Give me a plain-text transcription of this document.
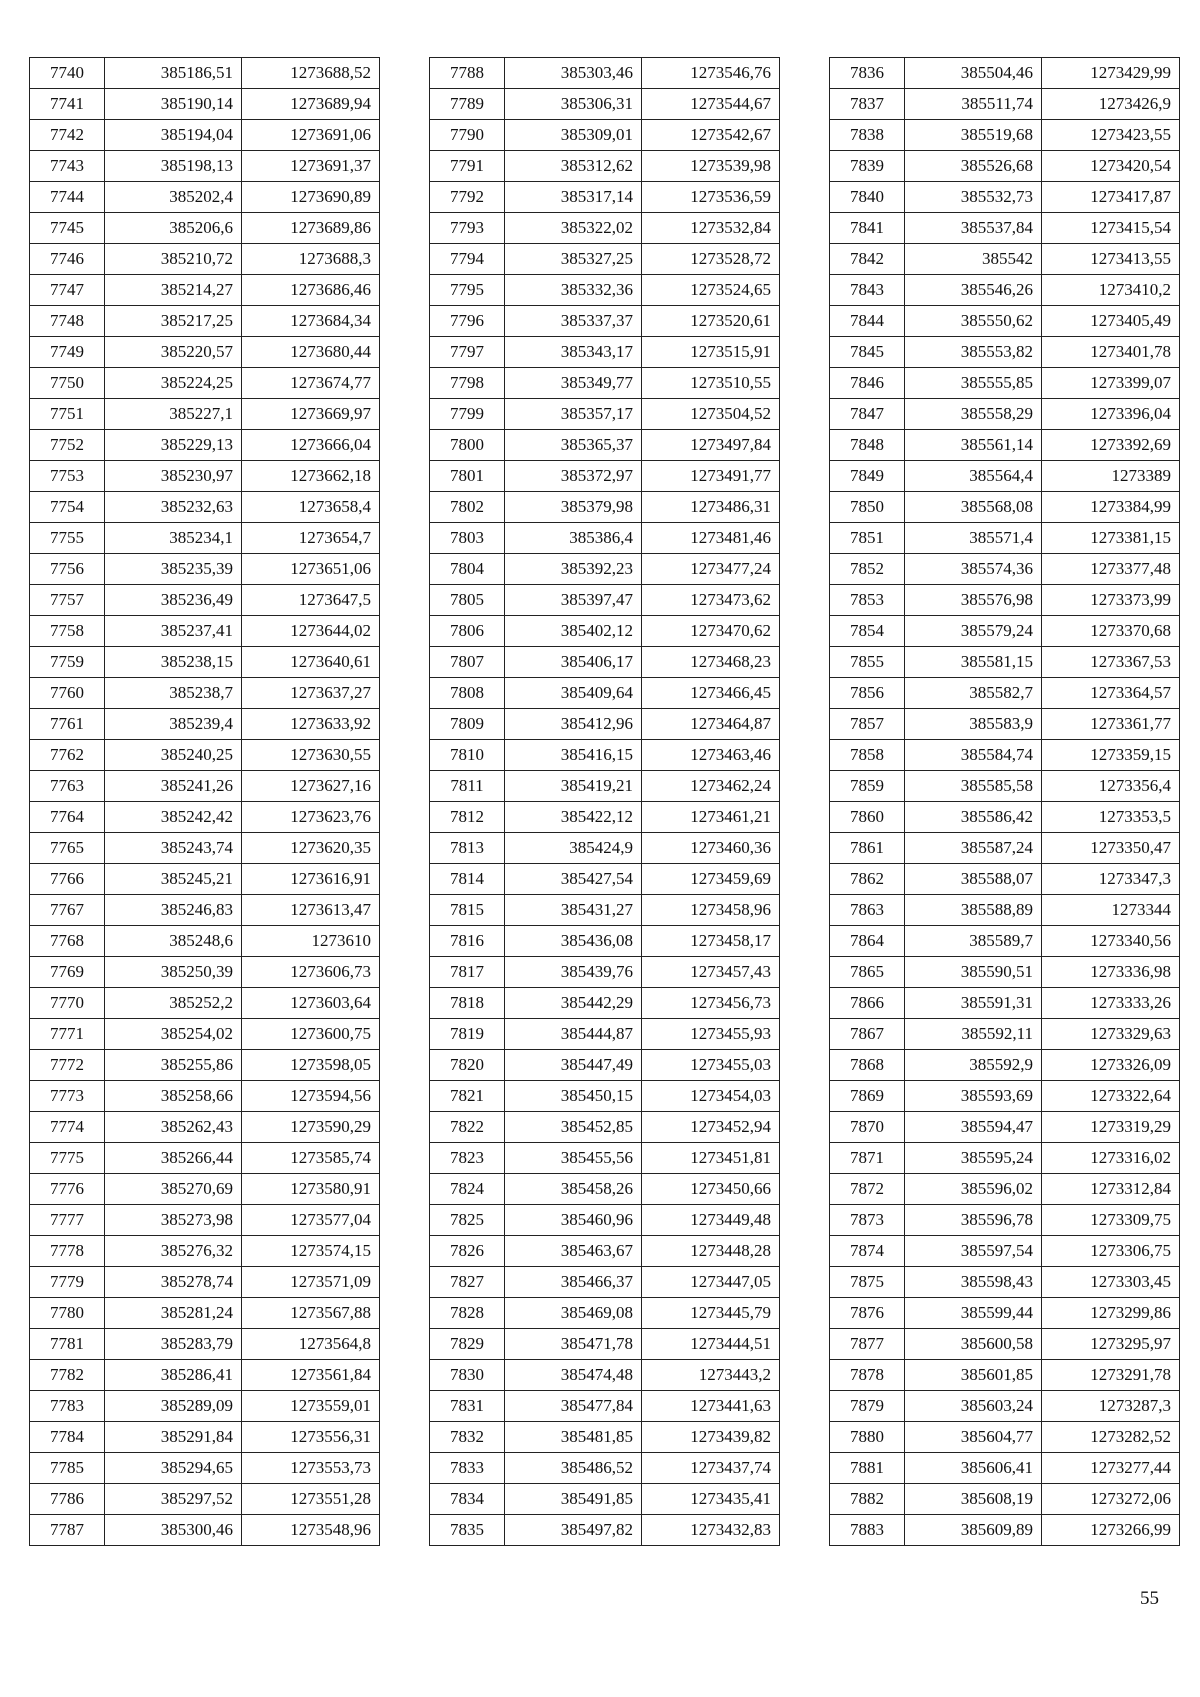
7740	385186,51	1273688,52
7741	385190,14	1273689,94
7742	385194,04	1273691,06
7743	385198,13	1273691,37
7744	385202,4	1273690,89
7745	385206,6	1273689,86
7746	385210,72	1273688,3
7747	385214,27	1273686,46
7748	385217,25	1273684,34
7749	385220,57	1273680,44
7750	385224,25	1273674,77
7751	385227,1	1273669,97
7752	385229,13	1273666,04
7753	385230,97	1273662,18
7754	385232,63	1273658,4
7755	385234,1	1273654,7
7756	385235,39	1273651,06
7757	385236,49	1273647,5
7758	385237,41	1273644,02
7759	385238,15	1273640,61
7760	385238,7	1273637,27
7761	385239,4	1273633,92
7762	385240,25	1273630,55
7763	385241,26	1273627,16
7764	385242,42	1273623,76
7765	385243,74	1273620,35
7766	385245,21	1273616,91
7767	385246,83	1273613,47
7768	385248,6	1273610
7769	385250,39	1273606,73
7770	385252,2	1273603,64
7771	385254,02	1273600,75
7772	385255,86	1273598,05
7773	385258,66	1273594,56
7774	385262,43	1273590,29
7775	385266,44	1273585,74
7776	385270,69	1273580,91
7777	385273,98	1273577,04
7778	385276,32	1273574,15
7779	385278,74	1273571,09
7780	385281,24	1273567,88
7781	385283,79	1273564,8
7782	385286,41	1273561,84
7783	385289,09	1273559,01
7784	385291,84	1273556,31
7785	385294,65	1273553,73
7786	385297,52	1273551,28
7787	385300,46	1273548,96
7788	385303,46	1273546,76
7789	385306,31	1273544,67
7790	385309,01	1273542,67
7791	385312,62	1273539,98
7792	385317,14	1273536,59
7793	385322,02	1273532,84
7794	385327,25	1273528,72
7795	385332,36	1273524,65
7796	385337,37	1273520,61
7797	385343,17	1273515,91
7798	385349,77	1273510,55
7799	385357,17	1273504,52
7800	385365,37	1273497,84
7801	385372,97	1273491,77
7802	385379,98	1273486,31
7803	385386,4	1273481,46
7804	385392,23	1273477,24
7805	385397,47	1273473,62
7806	385402,12	1273470,62
7807	385406,17	1273468,23
7808	385409,64	1273466,45
7809	385412,96	1273464,87
7810	385416,15	1273463,46
7811	385419,21	1273462,24
7812	385422,12	1273461,21
7813	385424,9	1273460,36
7814	385427,54	1273459,69
7815	385431,27	1273458,96
7816	385436,08	1273458,17
7817	385439,76	1273457,43
7818	385442,29	1273456,73
7819	385444,87	1273455,93
7820	385447,49	1273455,03
7821	385450,15	1273454,03
7822	385452,85	1273452,94
7823	385455,56	1273451,81
7824	385458,26	1273450,66
7825	385460,96	1273449,48
7826	385463,67	1273448,28
7827	385466,37	1273447,05
7828	385469,08	1273445,79
7829	385471,78	1273444,51
7830	385474,48	1273443,2
7831	385477,84	1273441,63
7832	385481,85	1273439,82
7833	385486,52	1273437,74
7834	385491,85	1273435,41
7835	385497,82	1273432,83
7836	385504,46	1273429,99
7837	385511,74	1273426,9
7838	385519,68	1273423,55
7839	385526,68	1273420,54
7840	385532,73	1273417,87
7841	385537,84	1273415,54
7842	385542	1273413,55
7843	385546,26	1273410,2
7844	385550,62	1273405,49
7845	385553,82	1273401,78
7846	385555,85	1273399,07
7847	385558,29	1273396,04
7848	385561,14	1273392,69
7849	385564,4	1273389
7850	385568,08	1273384,99
7851	385571,4	1273381,15
7852	385574,36	1273377,48
7853	385576,98	1273373,99
7854	385579,24	1273370,68
7855	385581,15	1273367,53
7856	385582,7	1273364,57
7857	385583,9	1273361,77
7858	385584,74	1273359,15
7859	385585,58	1273356,4
7860	385586,42	1273353,5
7861	385587,24	1273350,47
7862	385588,07	1273347,3
7863	385588,89	1273344
7864	385589,7	1273340,56
7865	385590,51	1273336,98
7866	385591,31	1273333,26
7867	385592,11	1273329,63
7868	385592,9	1273326,09
7869	385593,69	1273322,64
7870	385594,47	1273319,29
7871	385595,24	1273316,02
7872	385596,02	1273312,84
7873	385596,78	1273309,75
7874	385597,54	1273306,75
7875	385598,43	1273303,45
7876	385599,44	1273299,86
7877	385600,58	1273295,97
7878	385601,85	1273291,78
7879	385603,24	1273287,3
7880	385604,77	1273282,52
7881	385606,41	1273277,44
7882	385608,19	1273272,06
7883	385609,89	1273266,99
55
